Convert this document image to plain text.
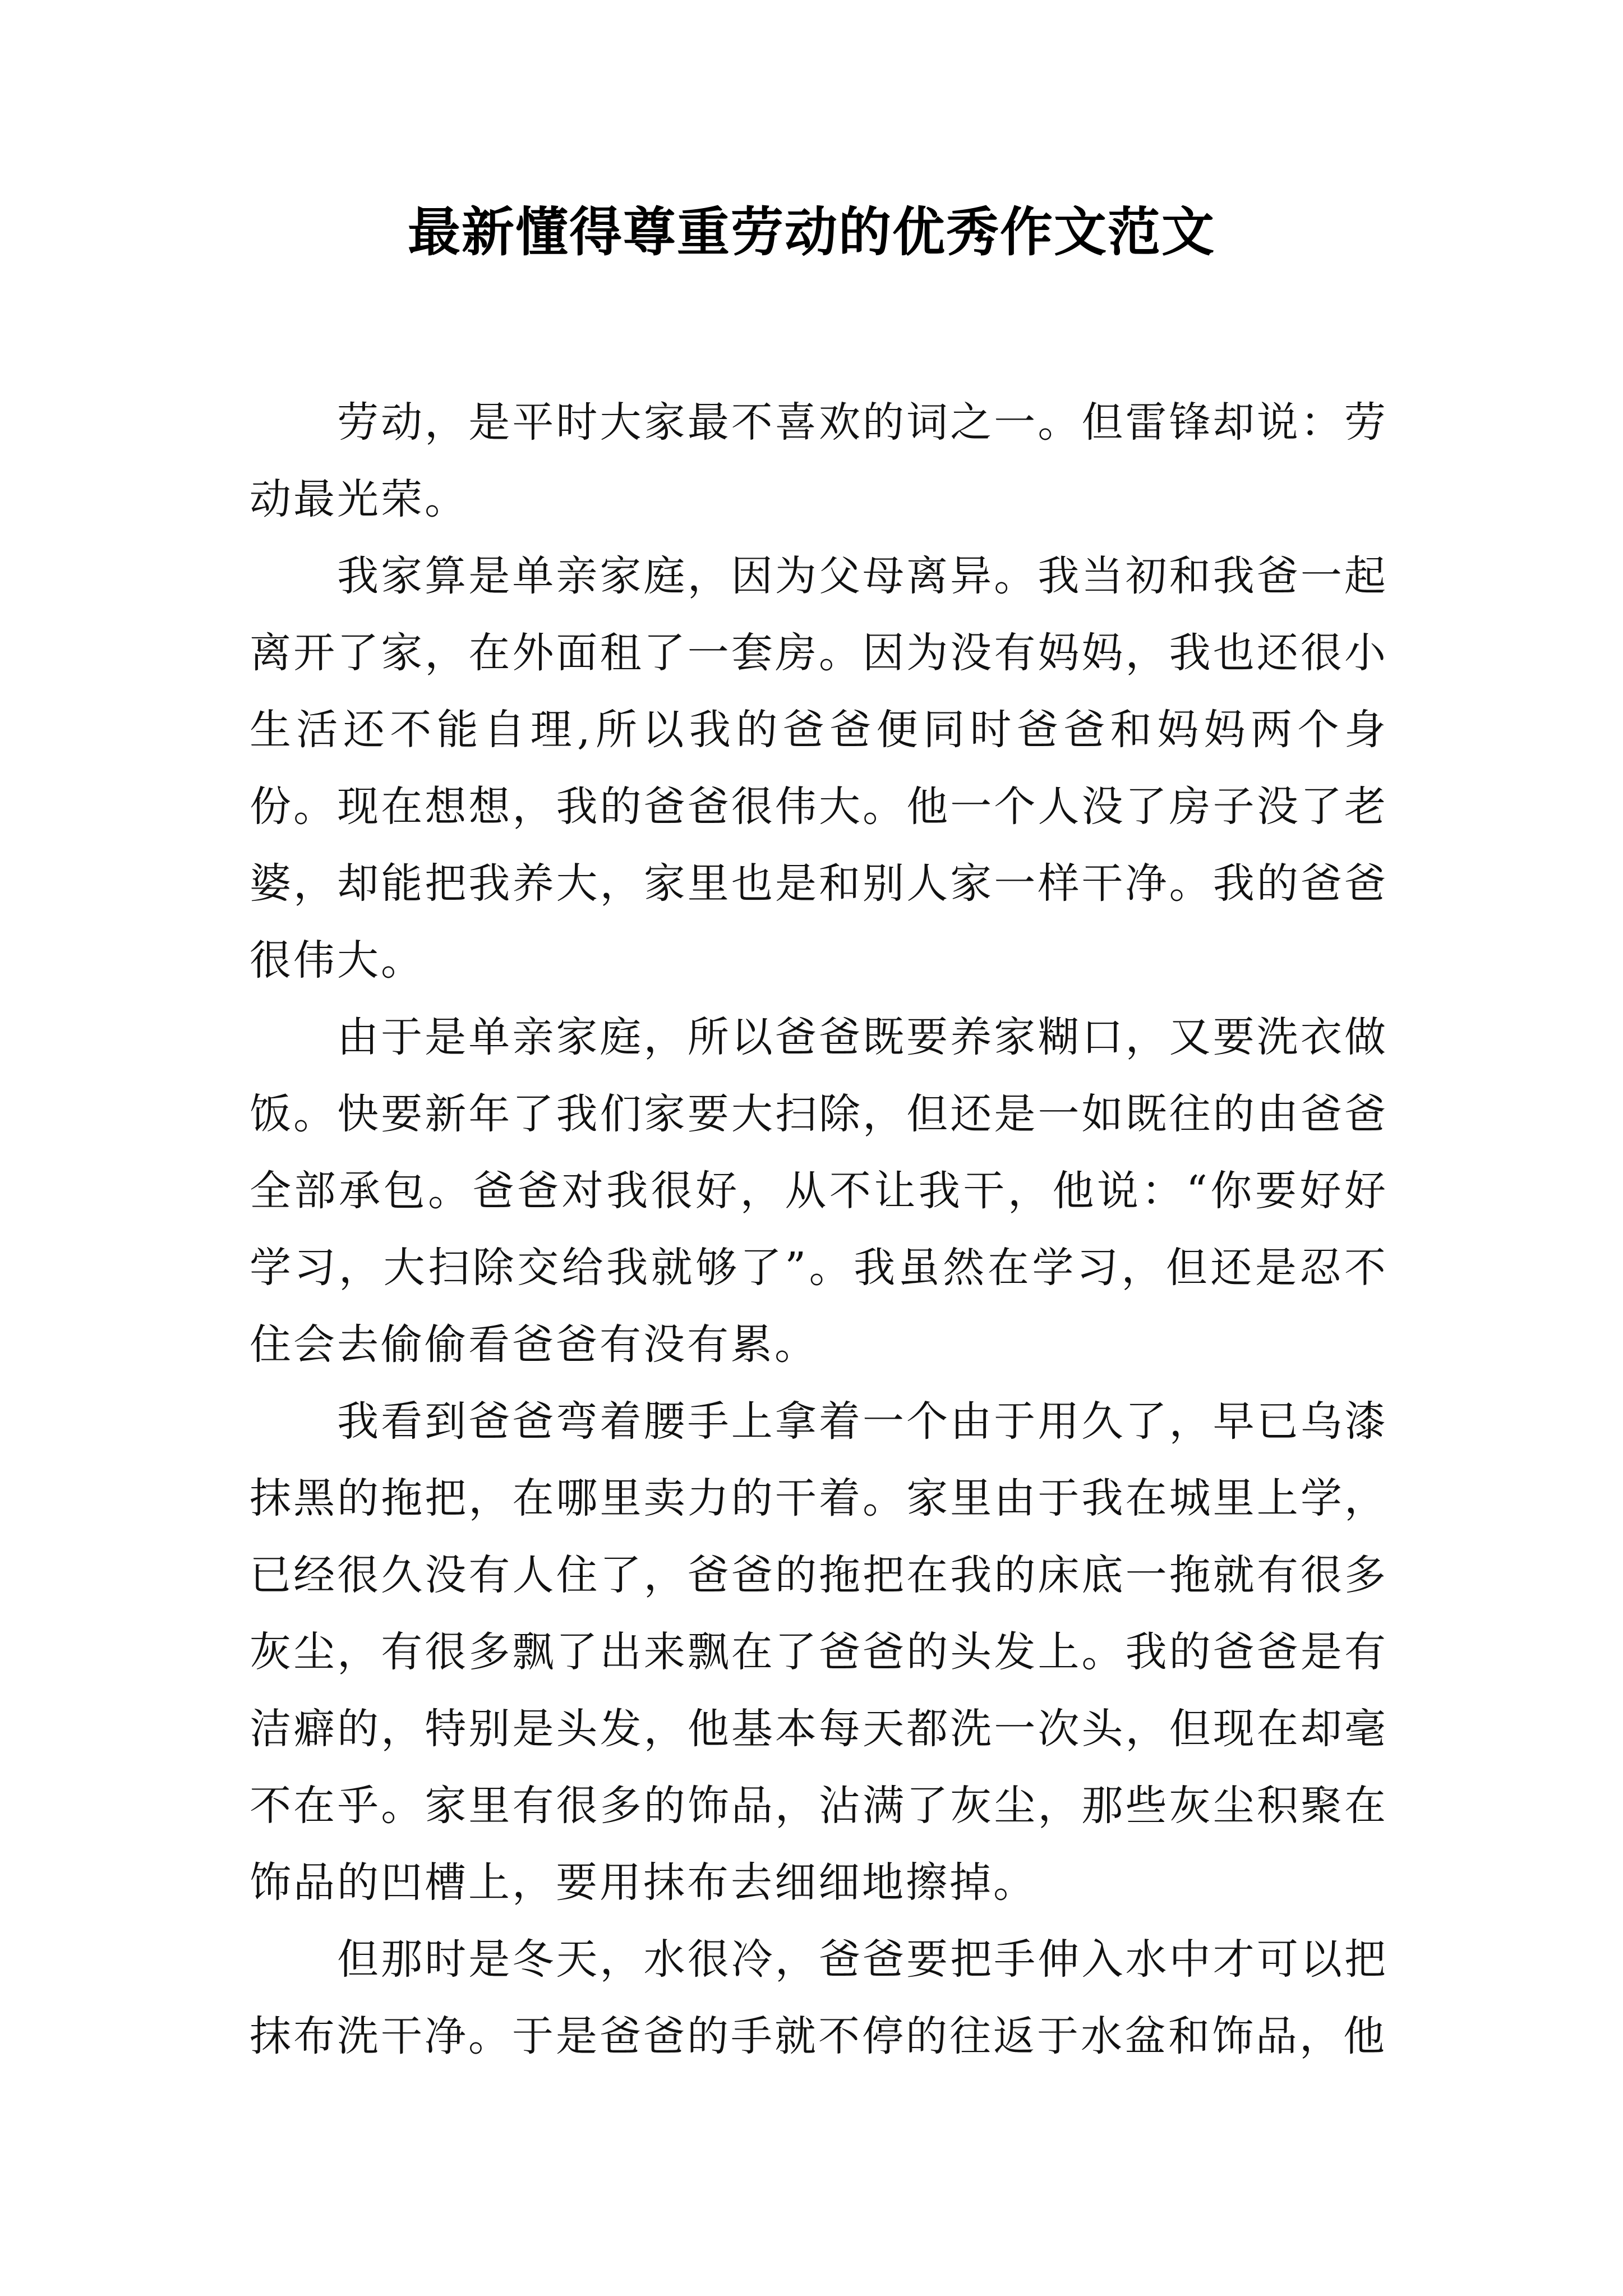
最新懂得尊重劳动的优秀作文范文

劳动，是平时大家最不喜欢的词之一。但雷锋却说：劳动最光荣。

我家算是单亲家庭，因为父母离异。我当初和我爸一起离开了家，在外面租了一套房。因为没有妈妈，我也还很小生活还不能自理,所以我的爸爸便同时爸爸和妈妈两个身份。现在想想，我的爸爸很伟大。他一个人没了房子没了老婆，却能把我养大，家里也是和别人家一样干净。我的爸爸很伟大。

由于是单亲家庭，所以爸爸既要养家糊口，又要洗衣做饭。快要新年了我们家要大扫除，但还是一如既往的由爸爸全部承包。爸爸对我很好，从不让我干，他说：“你要好好学习，大扫除交给我就够了”。我虽然在学习，但还是忍不住会去偷偷看爸爸有没有累。

我看到爸爸弯着腰手上拿着一个由于用久了，早已乌漆抹黑的拖把，在哪里卖力的干着。家里由于我在城里上学，已经很久没有人住了，爸爸的拖把在我的床底一拖就有很多灰尘，有很多飘了出来飘在了爸爸的头发上。我的爸爸是有洁癖的，特别是头发，他基本每天都洗一次头，但现在却毫不在乎。家里有很多的饰品，沾满了灰尘，那些灰尘积聚在饰品的凹槽上，要用抹布去细细地擦掉。

但那时是冬天，水很冷，爸爸要把手伸入水中才可以把抹布洗干净。于是爸爸的手就不停的往返于水盆和饰品，他
